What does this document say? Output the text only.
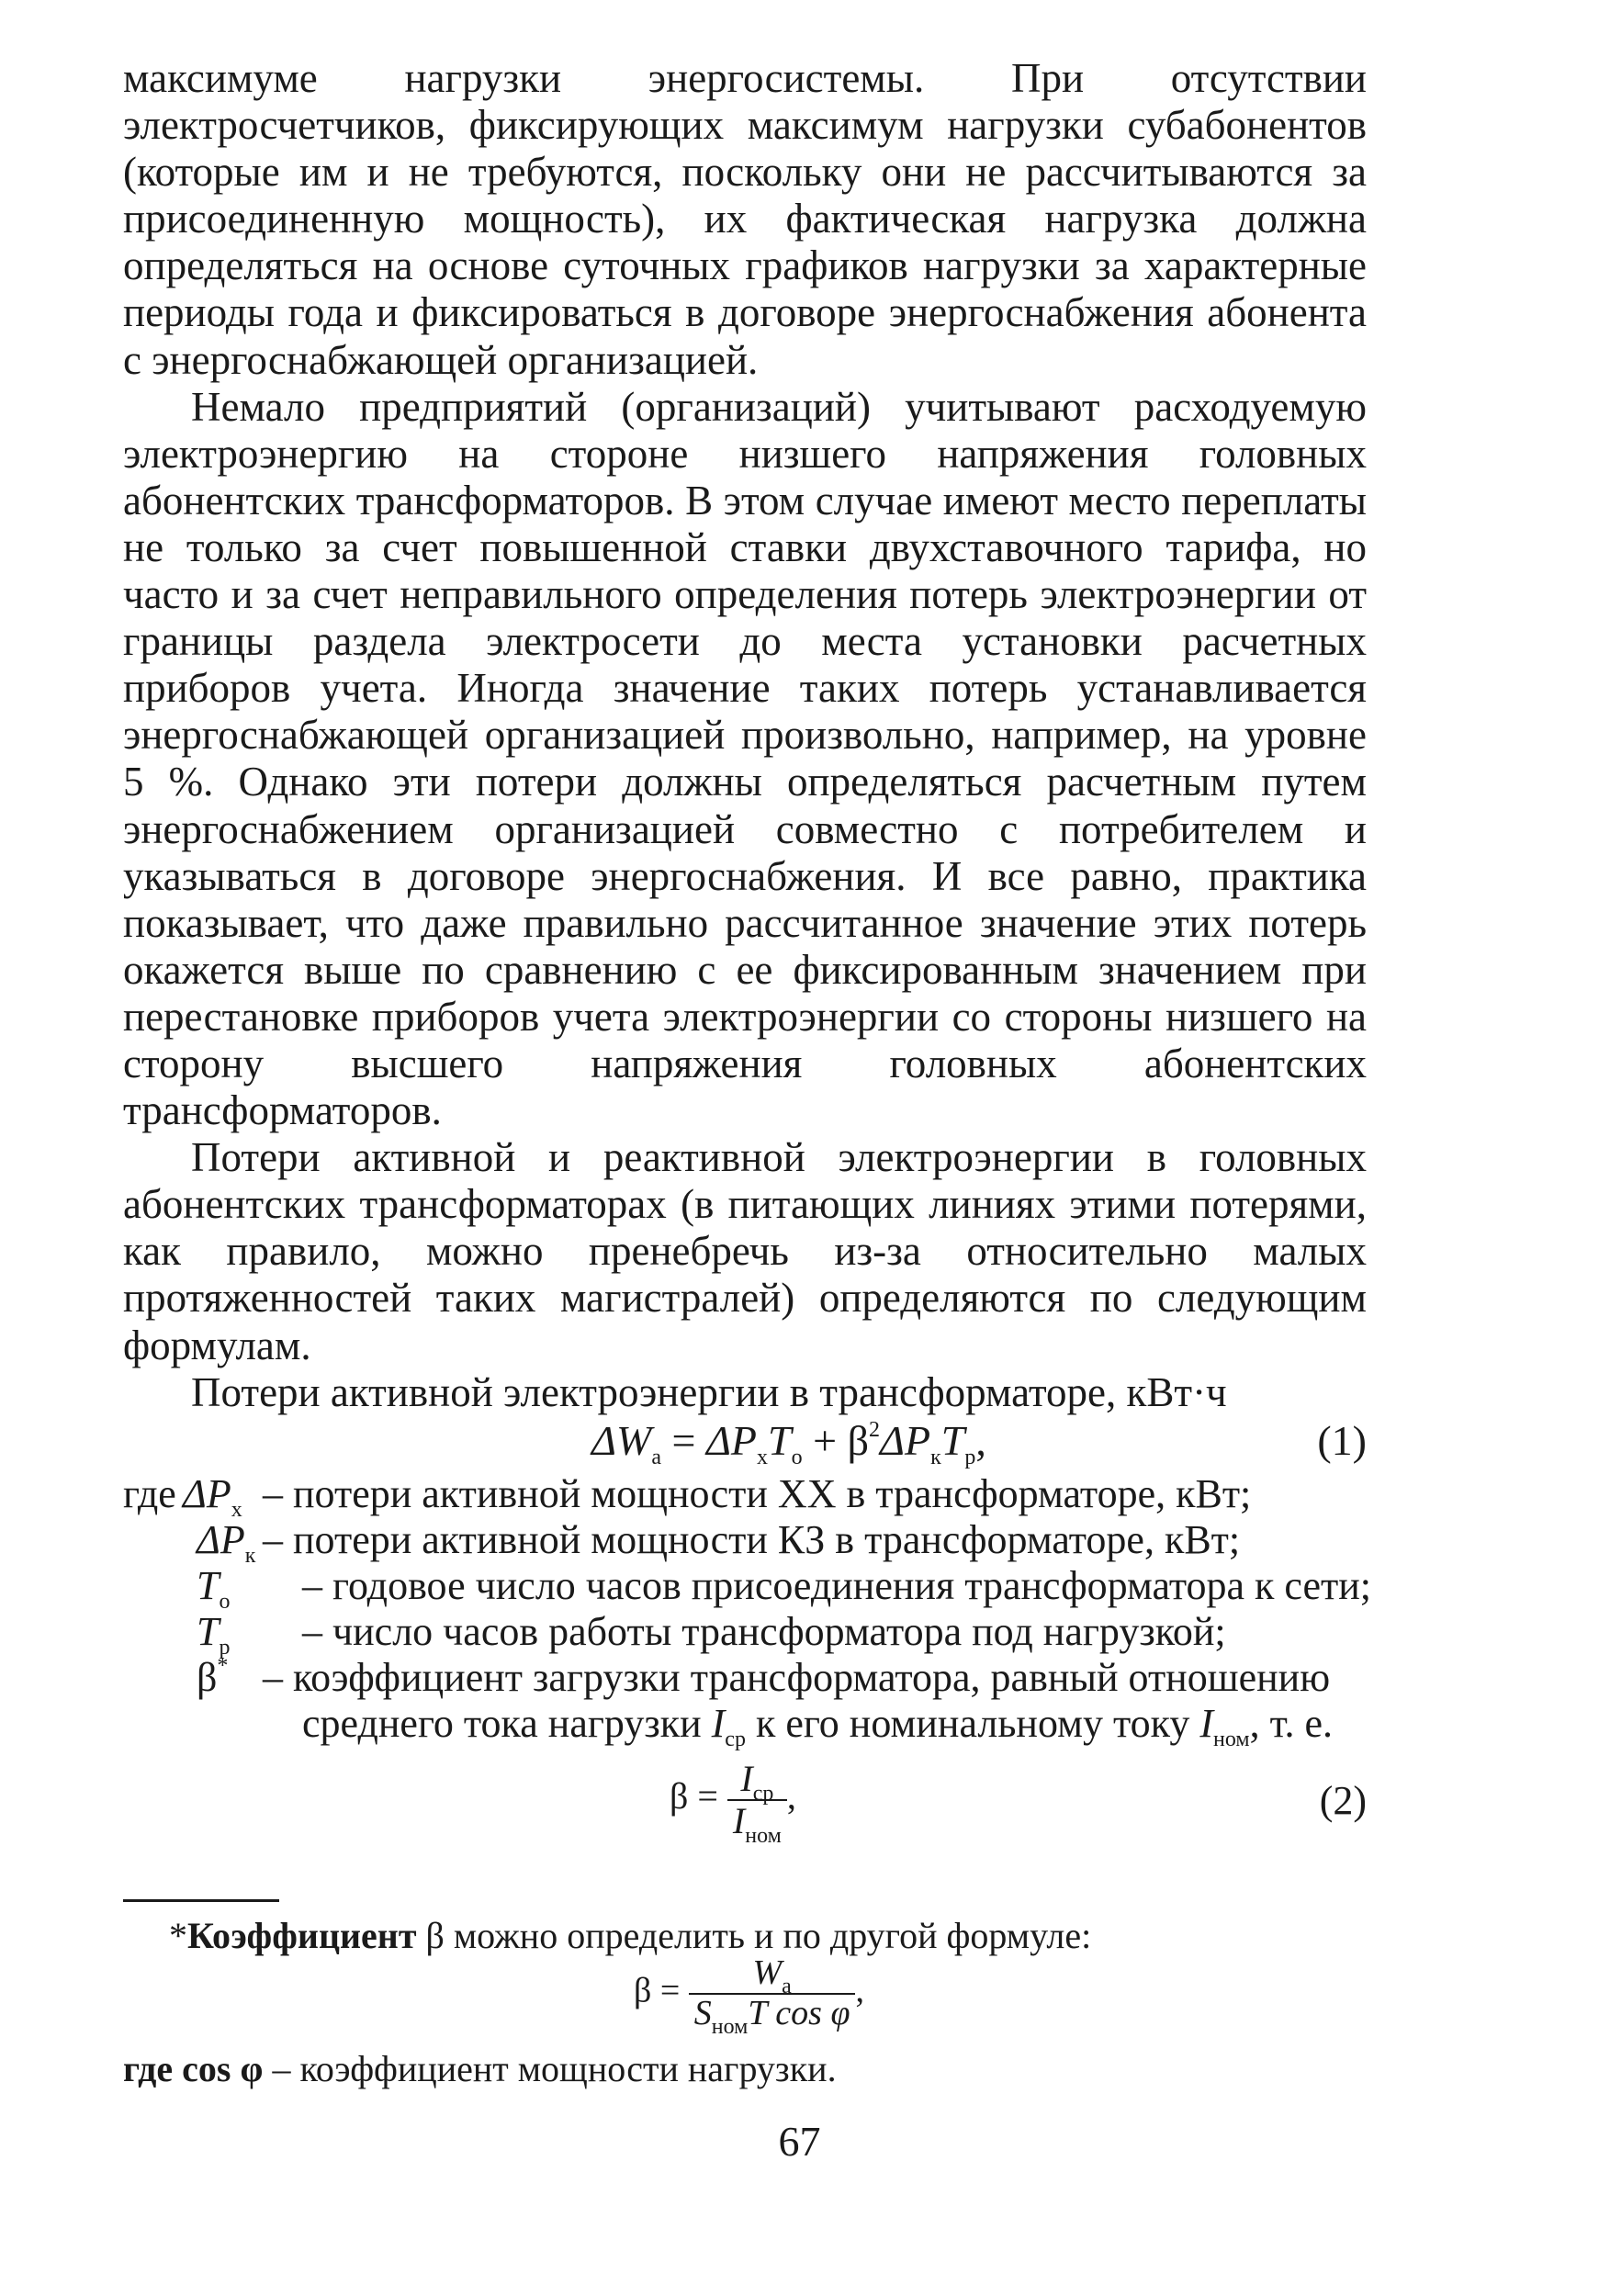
максимуме нагрузки энергосистемы. При отсутствии электросчетчиков, фиксирующих максимум нагрузки субабонентов (которые им и не требуются, поскольку они не рассчитываются за присоединенную мощность), их фактическая нагрузка должна определяться на основе суточных графиков нагрузки за характерные периоды года и фиксироваться в договоре энергоснабжения абонента с энергоснабжающей организацией.

Немало предприятий (организаций) учитывают расходуемую электроэнергию на стороне низшего напряжения головных абонентских трансформаторов. В этом случае имеют место переплаты не только за счет повышенной ставки двухставочного тарифа, но часто и за счет неправильного определения потерь электроэнергии от границы раздела электросети до места установки расчетных приборов учета. Иногда значение таких потерь устанавливается энергоснабжающей организацией произвольно, например, на уровне 5 %. Однако эти потери должны определяться расчетным путем энергоснабжением организацией совместно с потребителем и указываться в договоре энергоснабжения. И все равно, практика показывает, что даже правильно рассчитанное значение этих потерь окажется выше по сравнению с ее фиксированным значением при перестановке приборов учета электроэнергии со стороны низшего на сторону высшего напряжения головных абонентских трансформаторов.

Потери активной и реактивной электроэнергии в головных абонентских трансформаторах (в питающих линиях этими потерями, как правило, можно пренебречь из-за относительно малых протяженностей таких магистралей) определяются по следующим формулам.

Потери активной электроэнергии в трансформаторе, кВт·ч

$\Delta W_а = \Delta P_хT_о + \beta^2\Delta P_кT_р$,	(1)
где $\Delta P_х$ – потери активной мощности ХХ в трансформаторе, кВт;
$\Delta P_к$ – потери активной мощности КЗ в трансформаторе, кВт;
$T_о$ – годовое число часов присоединения трансформатора к сети;
$T_р$ – число часов работы трансформатора под нагрузкой;
β* – коэффициент загрузки трансформатора, равный отношению
среднего тока нагрузки $I_{ср}$ к его номинальному току $I_{ном}$, т. е.
$\beta = \frac{I_{ср}}{I_{ном}}$ ,	(2)
*Коэффициент β можно определить и по другой формуле:
$\beta = \frac{W_а}{S_{ном}T \cos \varphi}$ ,
где cos φ – коэффициент мощности нагрузки.
67
